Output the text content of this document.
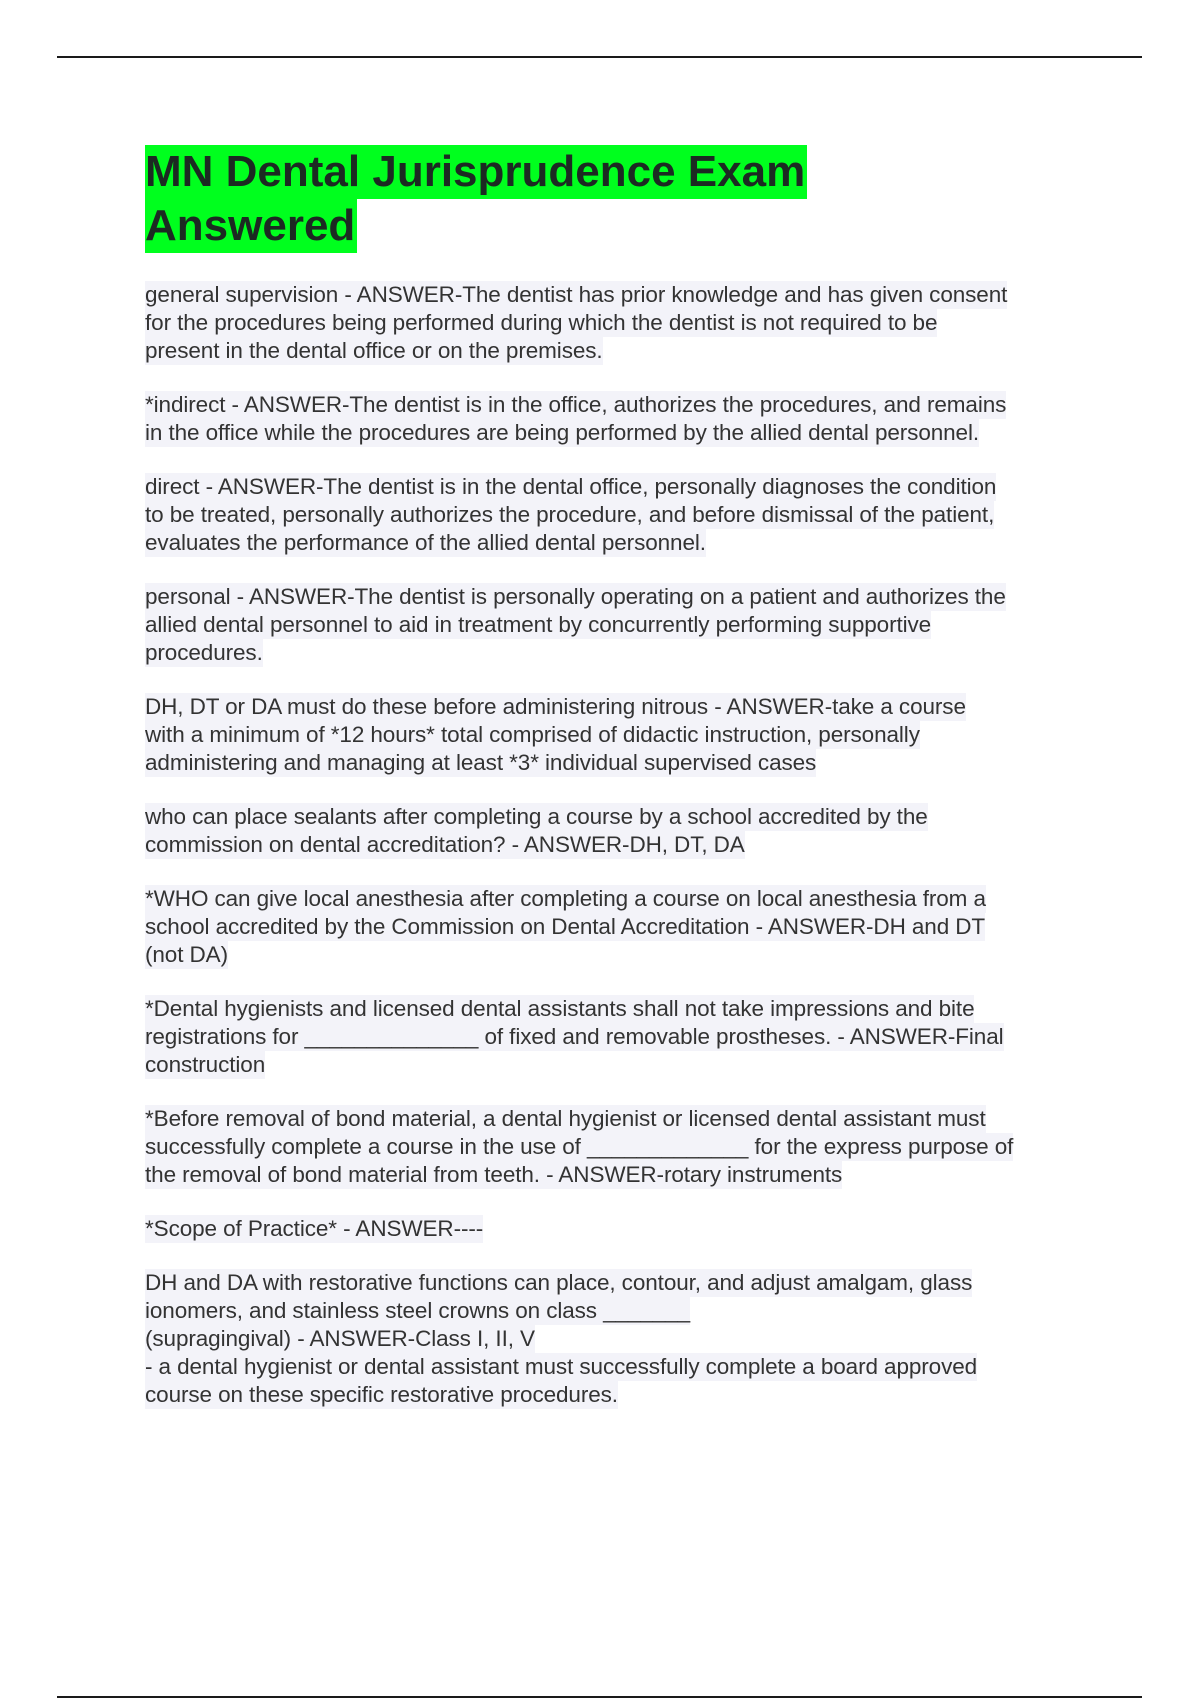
MN Dental Jurisprudence Exam
Answered

general supervision - ANSWER-The dentist has prior knowledge and has given consent
for the procedures being performed during which the dentist is not required to be
present in the dental office or on the premises.

*indirect - ANSWER-The dentist is in the office, authorizes the procedures, and remains
in the office while the procedures are being performed by the allied dental personnel.

direct - ANSWER-The dentist is in the dental office, personally diagnoses the condition
to be treated, personally authorizes the procedure, and before dismissal of the patient,
evaluates the performance of the allied dental personnel.

personal - ANSWER-The dentist is personally operating on a patient and authorizes the
allied dental personnel to aid in treatment by concurrently performing supportive
procedures.

DH, DT or DA must do these before administering nitrous - ANSWER-take a course
with a minimum of *12 hours* total comprised of didactic instruction, personally
administering and managing at least *3* individual supervised cases

who can place sealants after completing a course by a school accredited by the
commission on dental accreditation? - ANSWER-DH, DT, DA

*WHO can give local anesthesia after completing a course on local anesthesia from a
school accredited by the Commission on Dental Accreditation - ANSWER-DH and DT
(not DA)

*Dental hygienists and licensed dental assistants shall not take impressions and bite
registrations for ______________ of fixed and removable prostheses. - ANSWER-Final
construction

*Before removal of bond material, a dental hygienist or licensed dental assistant must
successfully complete a course in the use of _____________ for the express purpose of
the removal of bond material from teeth. - ANSWER-rotary instruments

*Scope of Practice* - ANSWER----

DH and DA with restorative functions can place, contour, and adjust amalgam, glass
ionomers, and stainless steel crowns on class _______
(supragingival) - ANSWER-Class I, II, V
- a dental hygienist or dental assistant must successfully complete a board approved
course on these specific restorative procedures.
